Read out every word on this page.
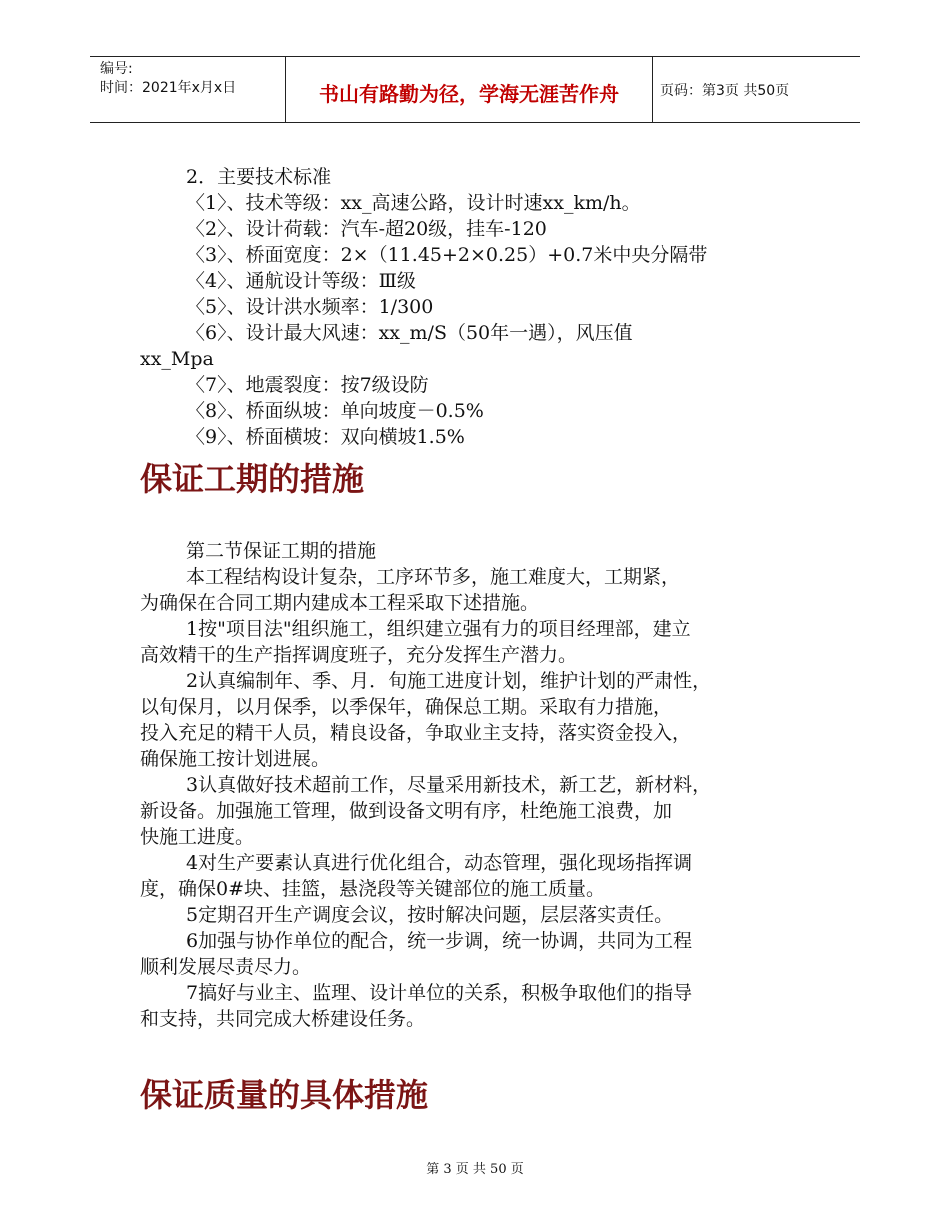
编号:
时间：2021年x月x日	书山有路勤为径，学海无涯苦作舟	页码：第3页 共50页
2．主要技术标准
〈1〉、技术等级：xx_高速公路，设计时速xx_km/h。
〈2〉、设计荷载：汽车-超20级，挂车-120
〈3〉、桥面宽度：2×（11.45+2×0.25）+0.7米中央分隔带
〈4〉、通航设计等级：Ⅲ级
〈5〉、设计洪水频率：1/300
〈6〉、设计最大风速：xx_m/S（50年一遇），风压值
xx_Mpa
〈7〉、地震裂度：按7级设防
〈8〉、桥面纵坡：单向坡度－0.5%
〈9〉、桥面横坡：双向横坡1.5%
保证工期的措施
第二节保证工期的措施
本工程结构设计复杂，工序环节多，施工难度大，工期紧，
为确保在合同工期内建成本工程采取下述措施。
1按"项目法"组织施工，组织建立强有力的项目经理部，建立
高效精干的生产指挥调度班子，充分发挥生产潜力。
2认真编制年、季、月．旬施工进度计划，维护计划的严肃性，
以旬保月，以月保季，以季保年，确保总工期。采取有力措施，
投入充足的精干人员，精良设备，争取业主支持，落实资金投入，
确保施工按计划进展。
3认真做好技术超前工作，尽量采用新技术，新工艺，新材料，
新设备。加强施工管理，做到设备文明有序，杜绝施工浪费，加
快施工进度。
4对生产要素认真进行优化组合，动态管理，强化现场指挥调
度，确保0#块、挂篮，悬浇段等关键部位的施工质量。
5定期召开生产调度会议，按时解决问题，层层落实责任。
6加强与协作单位的配合，统一步调，统一协调，共同为工程
顺利发展尽责尽力。
7搞好与业主、监理、设计单位的关系，积极争取他们的指导
和支持，共同完成大桥建设任务。
保证质量的具体措施
第 3 页 共 50 页
